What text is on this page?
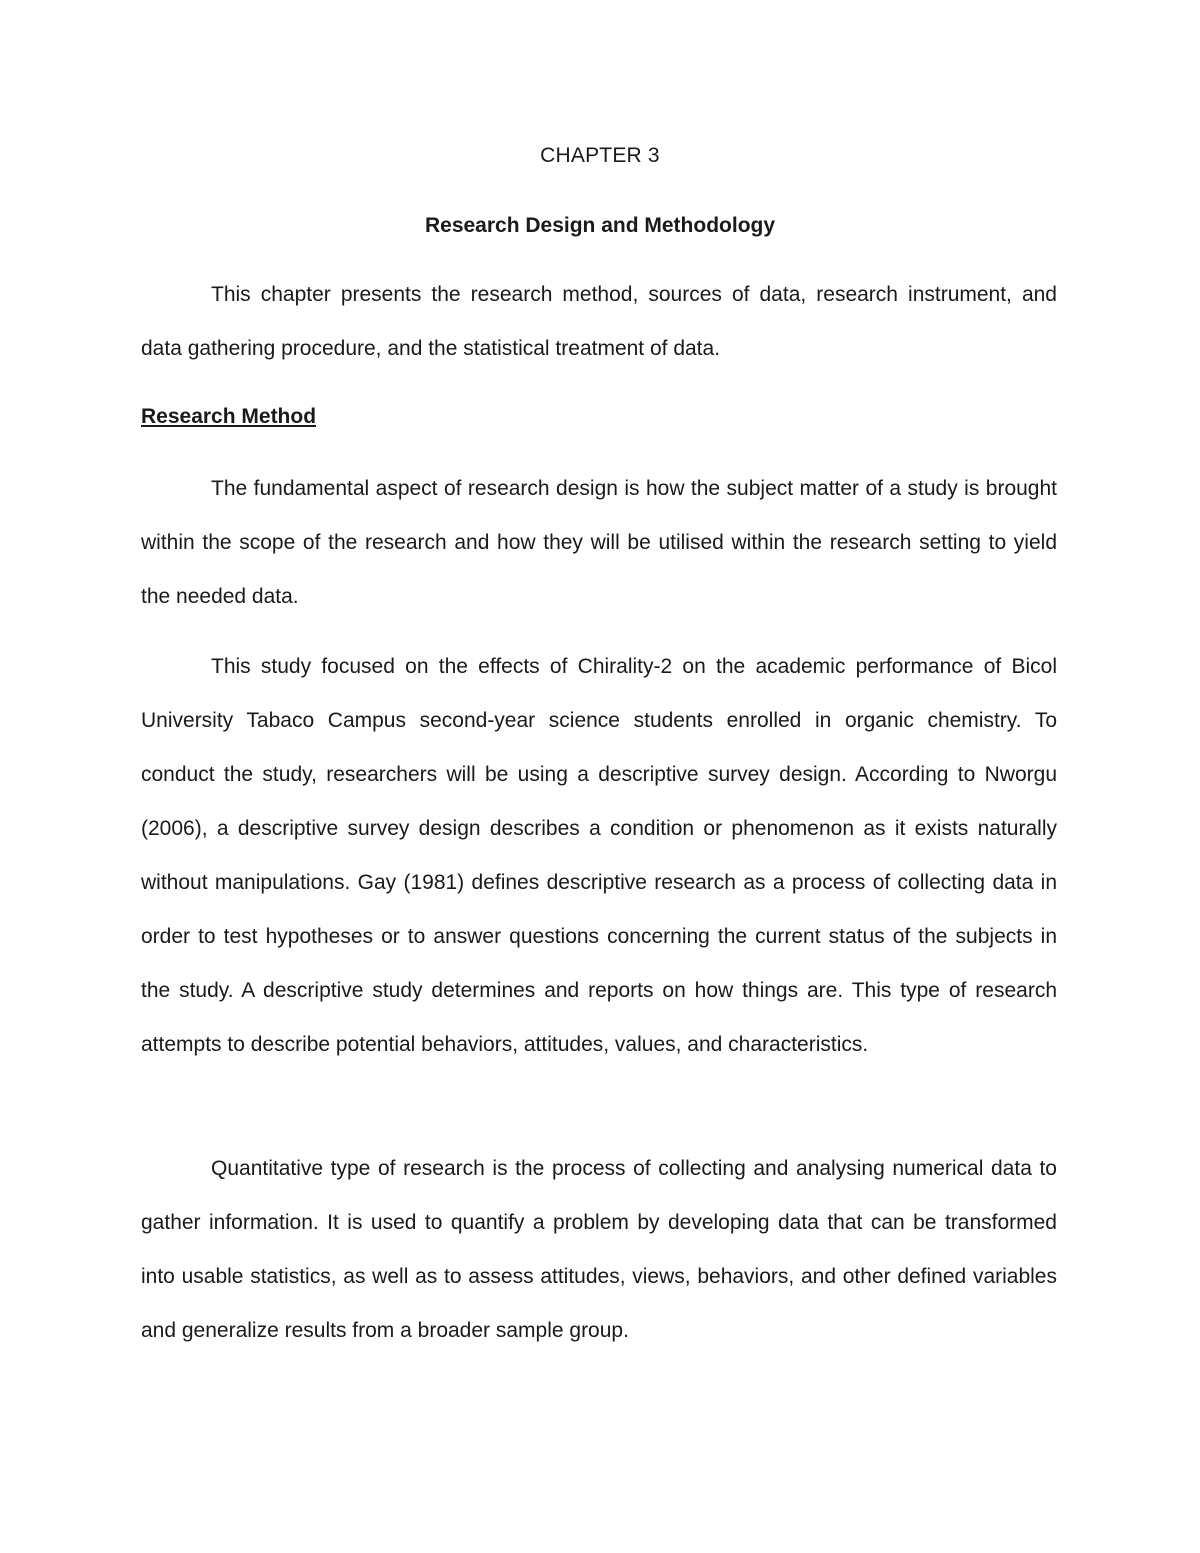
CHAPTER 3
Research Design and Methodology

This chapter presents the research method, sources of data, research instrument, and data gathering procedure, and the statistical treatment of data.

Research Method

The fundamental aspect of research design is how the subject matter of a study is brought within the scope of the research and how they will be utilised within the research setting to yield the needed data.

This study focused on the effects of Chirality-2 on the academic performance of Bicol University Tabaco Campus second-year science students enrolled in organic chemistry. To conduct the study, researchers will be using a descriptive survey design. According to Nworgu (2006), a descriptive survey design describes a condition or phenomenon as it exists naturally without manipulations. Gay (1981) defines descriptive research as a process of collecting data in order to test hypotheses or to answer questions concerning the current status of the subjects in the study. A descriptive study determines and reports on how things are. This type of research attempts to describe potential behaviors, attitudes, values, and characteristics.

Quantitative type of research is the process of collecting and analysing numerical data to gather information. It is used to quantify a problem by developing data that can be transformed into usable statistics, as well as to assess attitudes, views, behaviors, and other defined variables and generalize results from a broader sample group.
